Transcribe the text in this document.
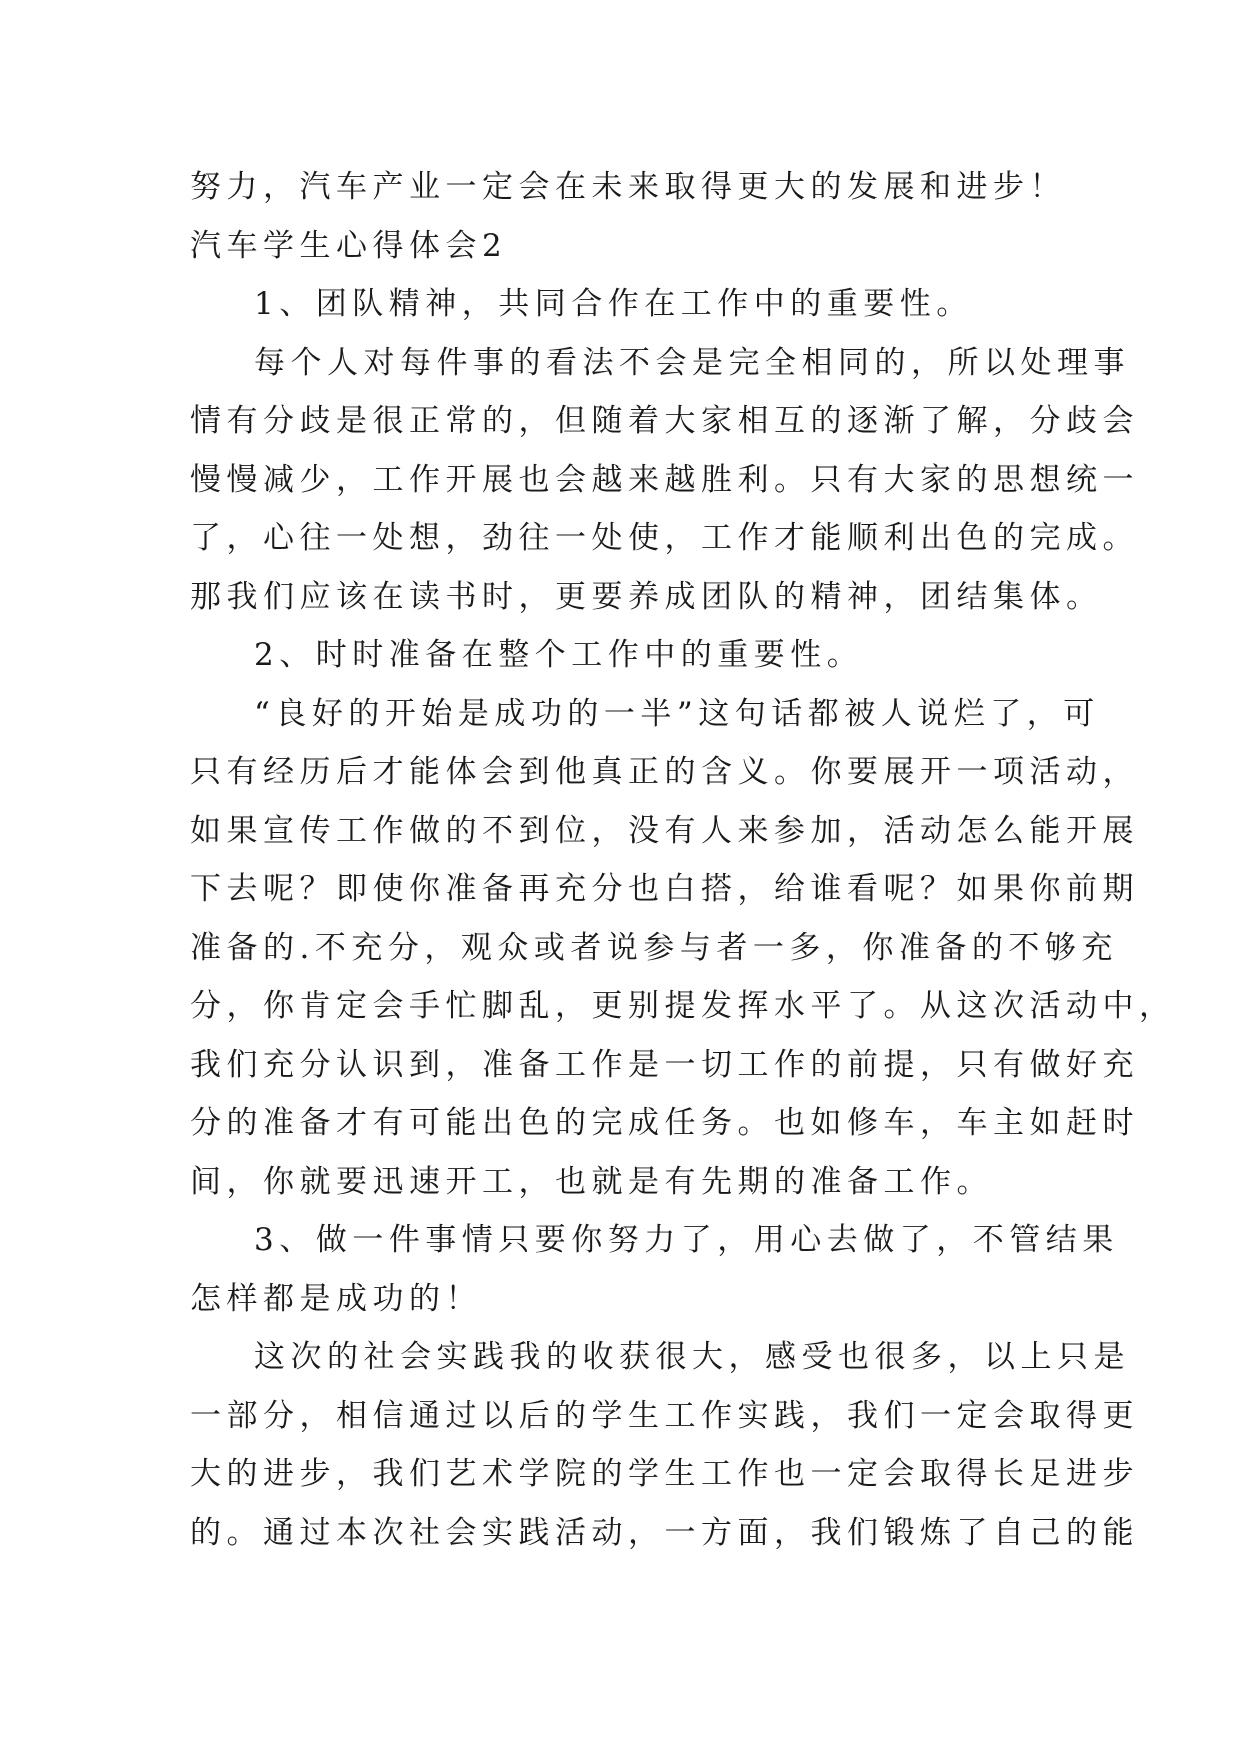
努力，汽车产业一定会在未来取得更大的发展和进步！
汽车学生心得体会2
1、团队精神，共同合作在工作中的重要性。
每个人对每件事的看法不会是完全相同的，所以处理事
情有分歧是很正常的，但随着大家相互的逐渐了解，分歧会
慢慢减少，工作开展也会越来越胜利。只有大家的思想统一
了，心往一处想，劲往一处使，工作才能顺利出色的完成。
那我们应该在读书时，更要养成团队的精神，团结集体。
2、时时准备在整个工作中的重要性。
“良好的开始是成功的一半”这句话都被人说烂了，可
只有经历后才能体会到他真正的含义。你要展开一项活动，
如果宣传工作做的不到位，没有人来参加，活动怎么能开展
下去呢？即使你准备再充分也白搭，给谁看呢？如果你前期
准备的.不充分，观众或者说参与者一多，你准备的不够充
分，你肯定会手忙脚乱，更别提发挥水平了。从这次活动中，
我们充分认识到，准备工作是一切工作的前提，只有做好充
分的准备才有可能出色的完成任务。也如修车，车主如赶时
间，你就要迅速开工，也就是有先期的准备工作。
3、做一件事情只要你努力了，用心去做了，不管结果
怎样都是成功的！
这次的社会实践我的收获很大，感受也很多，以上只是
一部分，相信通过以后的学生工作实践，我们一定会取得更
大的进步，我们艺术学院的学生工作也一定会取得长足进步
的。通过本次社会实践活动，一方面，我们锻炼了自己的能
